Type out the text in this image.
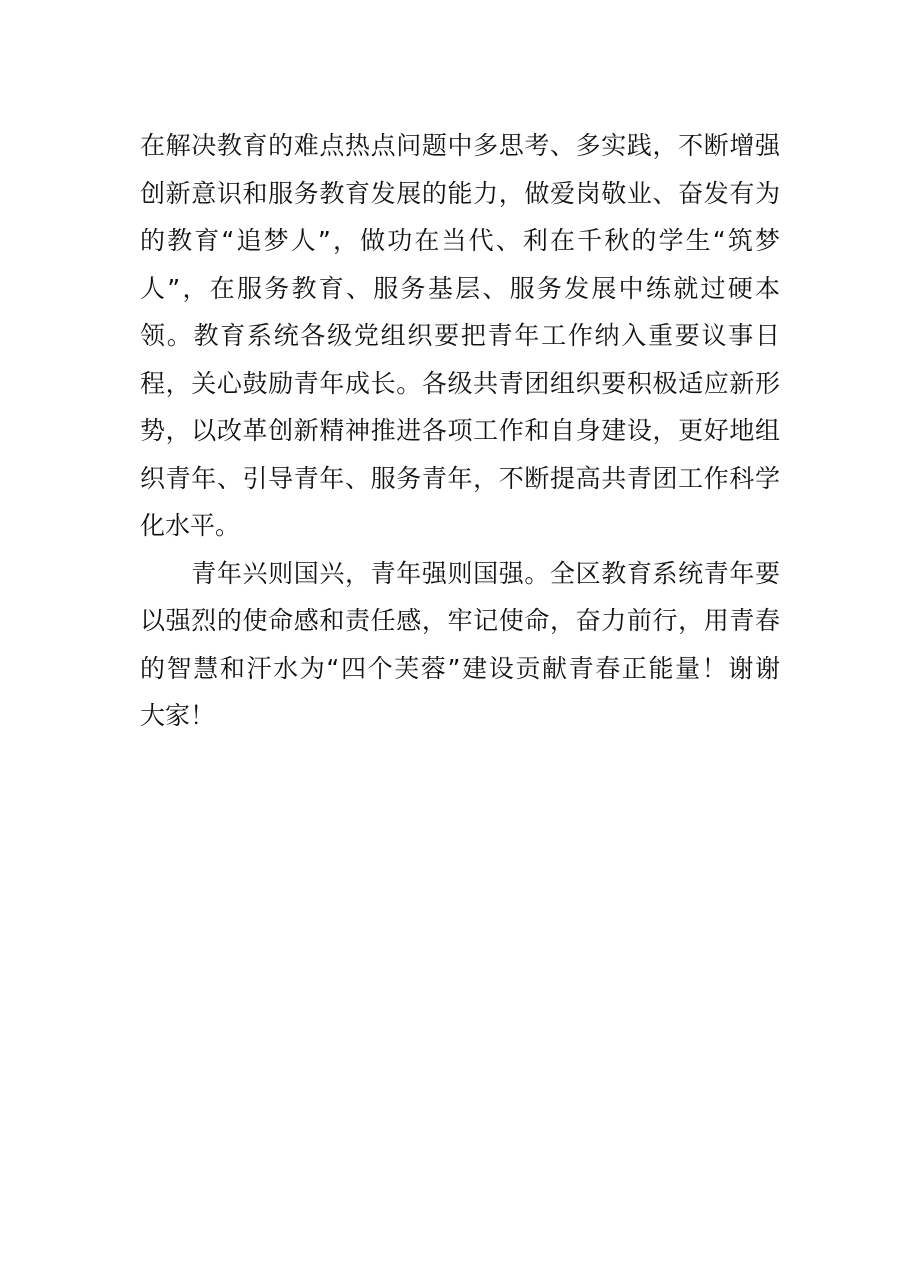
在解决教育的难点热点问题中多思考、多实践，不断增强
创新意识和服务教育发展的能力，做爱岗敬业、奋发有为
的教育“追梦人”，做功在当代、利在千秋的学生“筑梦
人”，在服务教育、服务基层、服务发展中练就过硬本
领。教育系统各级党组织要把青年工作纳入重要议事日
程，关心鼓励青年成长。各级共青团组织要积极适应新形
势，以改革创新精神推进各项工作和自身建设，更好地组
织青年、引导青年、服务青年，不断提高共青团工作科学
化水平。
　　青年兴则国兴，青年强则国强。全区教育系统青年要
以强烈的使命感和责任感，牢记使命，奋力前行，用青春
的智慧和汗水为“四个芙蓉”建设贡献青春正能量！谢谢
大家！
